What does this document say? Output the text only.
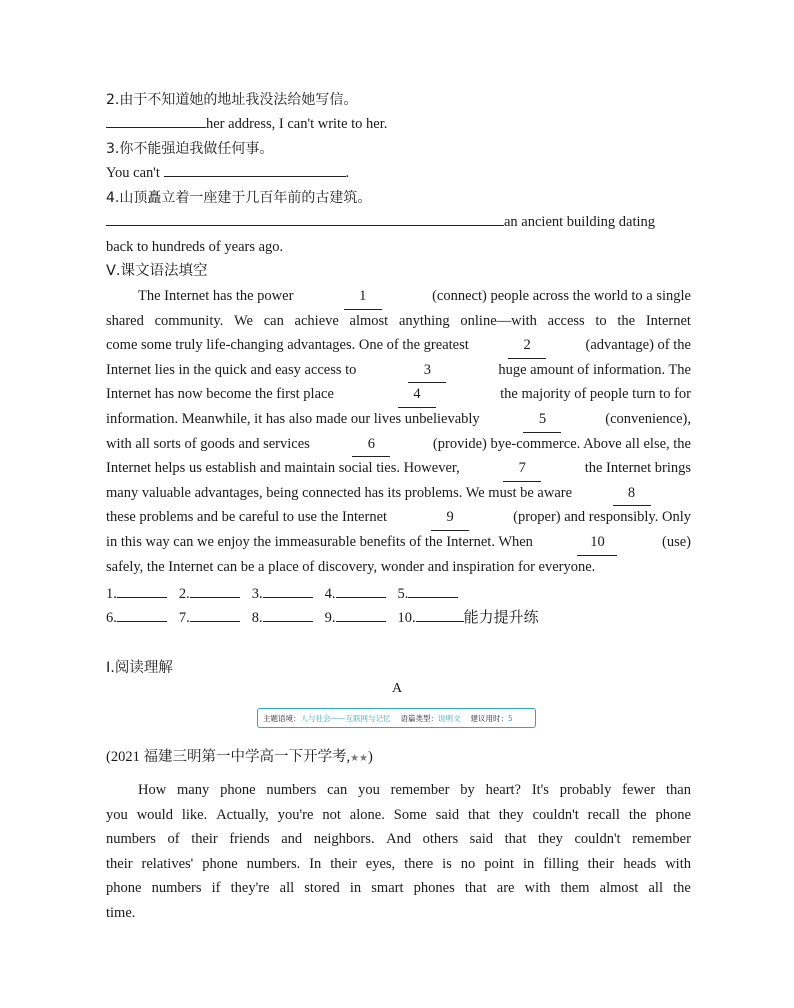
2.由于不知道她的地址我没法给她写信。
her address, I can't write to her.
3.你不能强迫我做任何事。
You can't	.
4.山顶矗立着一座建于几百年前的古建筑。
an ancient building dating
back to hundreds of years ago.
Ⅴ.课文语法填空
The Internet has the power	1	(connect) people across the world to a single
shared community. We can achieve almost anything online—with access to the Internet
come some truly life-changing advantages. One of the greatest	2	(advantage) of the
Internet lies in the quick and easy access to	3	huge amount of information. The
Internet has now become the first place	4	the majority of people turn to for
information. Meanwhile, it has also made our lives unbelievably	5	(convenience),
with all sorts of goods and services	6	(provide) bye-commerce. Above all else, the
Internet helps us establish and maintain social ties. However,	7	the Internet brings
many valuable advantages, being connected has its problems. We must be aware	8
these problems and be careful to use the Internet	9	(proper) and responsibly. Only
in this way can we enjoy the immeasurable benefits of the Internet. When	10	(use)
safely, the Internet can be a place of discovery, wonder and inspiration for everyone.
1.	2.	3.	4.	5.
6.	7.	8.	9.	10.	能力提升练
Ⅰ.阅读理解
A
主题语境： 人与社会——互联网与记忆 语篇类型： 说明文 建议用时： 5
(2021 福建三明第一中学高一下开学考,★★)
How many phone numbers can you remember by heart? It's probably fewer than
you would like. Actually, you're not alone. Some said that they couldn't recall the phone
numbers of their friends and neighbors. And others said that they couldn't remember
their relatives' phone numbers. In their eyes, there is no point in filling their heads with
phone numbers if they're all stored in smart phones that are with them almost all the
time.
